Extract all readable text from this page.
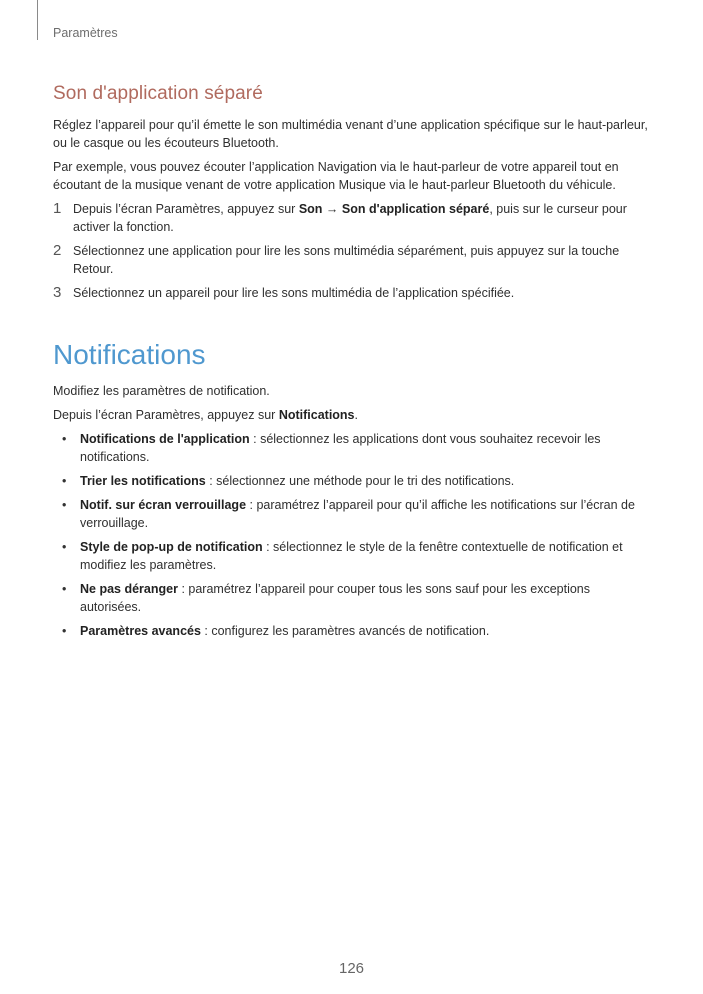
Paramètres
Son d'application séparé

Réglez l’appareil pour qu’il émette le son multimédia venant d’une application spécifique sur le haut-parleur, ou le casque ou les écouteurs Bluetooth.

Par exemple, vous pouvez écouter l’application Navigation via le haut-parleur de votre appareil tout en écoutant de la musique venant de votre application Musique via le haut-parleur Bluetooth du véhicule.

1 Depuis l’écran Paramètres, appuyez sur Son → Son d'application séparé, puis sur le curseur pour activer la fonction.
2 Sélectionnez une application pour lire les sons multimédia séparément, puis appuyez sur la touche Retour.
3 Sélectionnez un appareil pour lire les sons multimédia de l’application spécifiée.
Notifications

Modifiez les paramètres de notification.

Depuis l’écran Paramètres, appuyez sur Notifications.

•	Notifications de l'application : sélectionnez les applications dont vous souhaitez recevoir les notifications.
•	Trier les notifications : sélectionnez une méthode pour le tri des notifications.
•	Notif. sur écran verrouillage : paramétrez l’appareil pour qu’il affiche les notifications sur l’écran de verrouillage.
•	Style de pop-up de notification : sélectionnez le style de la fenêtre contextuelle de notification et modifiez les paramètres.
•	Ne pas déranger : paramétrez l’appareil pour couper tous les sons sauf pour les exceptions autorisées.
•	Paramètres avancés : configurez les paramètres avancés de notification.
126
